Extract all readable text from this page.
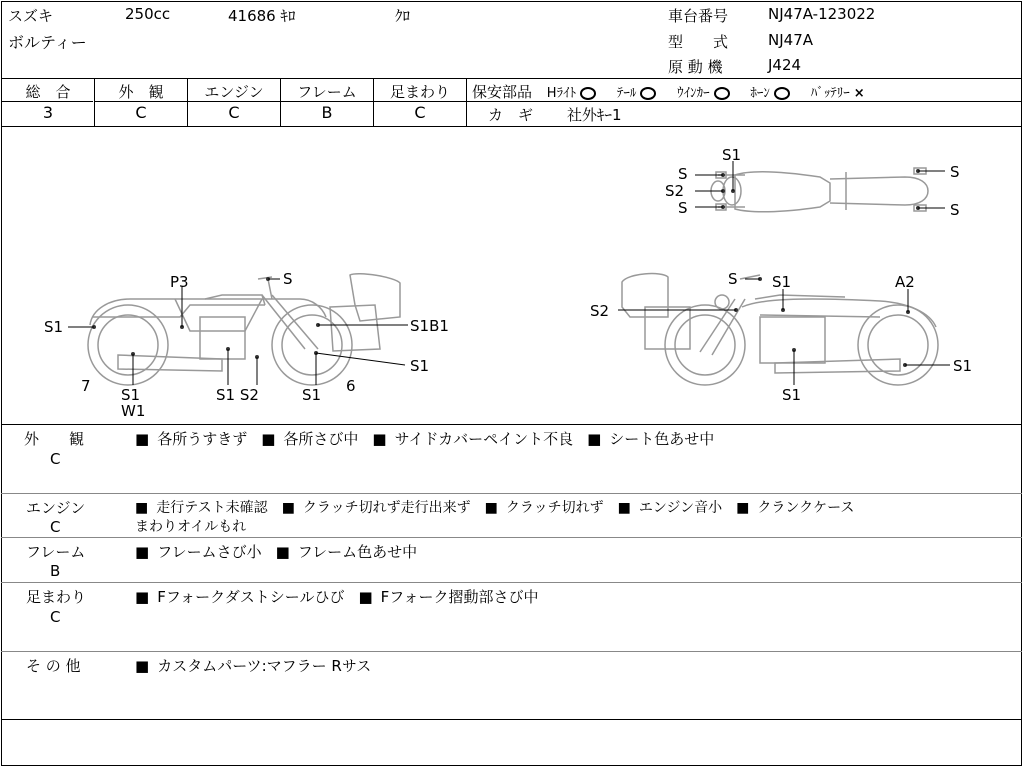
スズキ	250cc	41686 ｷﾛ	ｸﾛ
ボルティー
車台番号	NJ47A-123022
型　　式	NJ47A
原 動 機	J424
総　合
3
外　観
C
エンジン
C
フレーム
B
足まわり
C
保安部品 Hﾗｲﾄ	ﾃｰﾙ	ｳｲﾝｶｰ	ﾎｰﾝ	ﾊﾞｯﾃﾘｰ ×
カ　ギ 社外ｷｰ1
S1
S
S2
S
S
S
S1
P3	S
S1B1
S1
7 S1
W1
S1 S2	S1 6
S S1	A2
S2
S1
S1
外　　観
C
■ 各所うすきず ■ 各所さび中 ■ サイドカバーペイント不良 ■ シート色あせ中
エンジン
C
■ 走行テスト未確認	■ クラッチ切れず走行出来ず	■ クラッチ切れず	■ エンジン音小	■ クランクケース
まわりオイルもれ
フレーム
B
■ フレームさび小 ■ フレーム色あせ中
足まわり
C
■ Fフォークダストシールひび ■ Fフォーク摺動部さび中
そ の 他	■ カスタムパーツ:マフラー Rサス
